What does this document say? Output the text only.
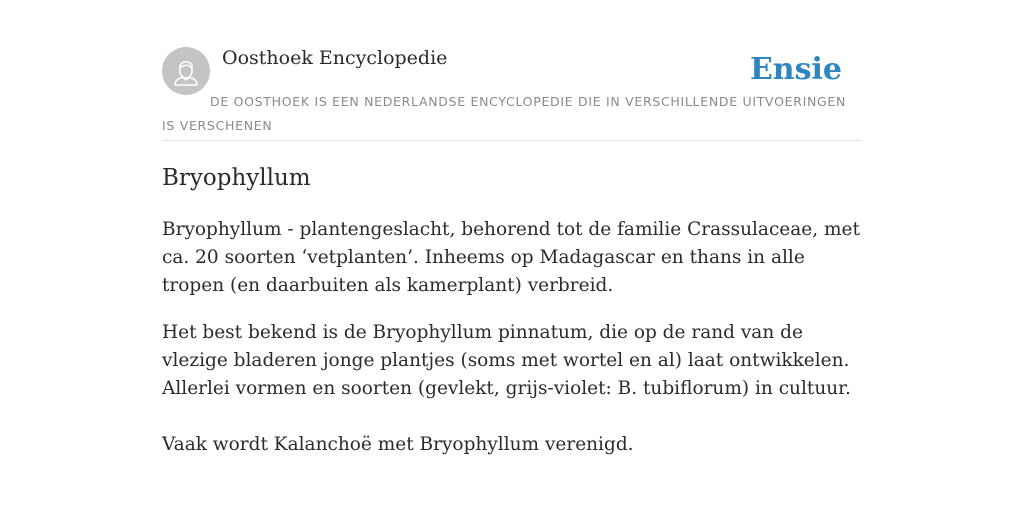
Oosthoek Encyclopedie	Ensie
DE OOSTHOEK IS EEN NEDERLANDSE ENCYCLOPEDIE DIE IN VERSCHILLENDE UITVOERINGEN IS VERSCHENEN
Bryophyllum

Bryophyllum - plantengeslacht, behorend tot de familie Crassulaceae, met ca. 20 soorten ‘vetplanten’. Inheems op Madagascar en thans in alle tropen (en daarbuiten als kamerplant) verbreid.

Het best bekend is de Bryophyllum pinnatum, die op de rand van de vlezige bladeren jonge plantjes (soms met wortel en al) laat ontwikkelen. Allerlei vormen en soorten (gevlekt, grijs-violet: B. tubiflorum) in cultuur.

Vaak wordt Kalanchoë met Bryophyllum verenigd.
